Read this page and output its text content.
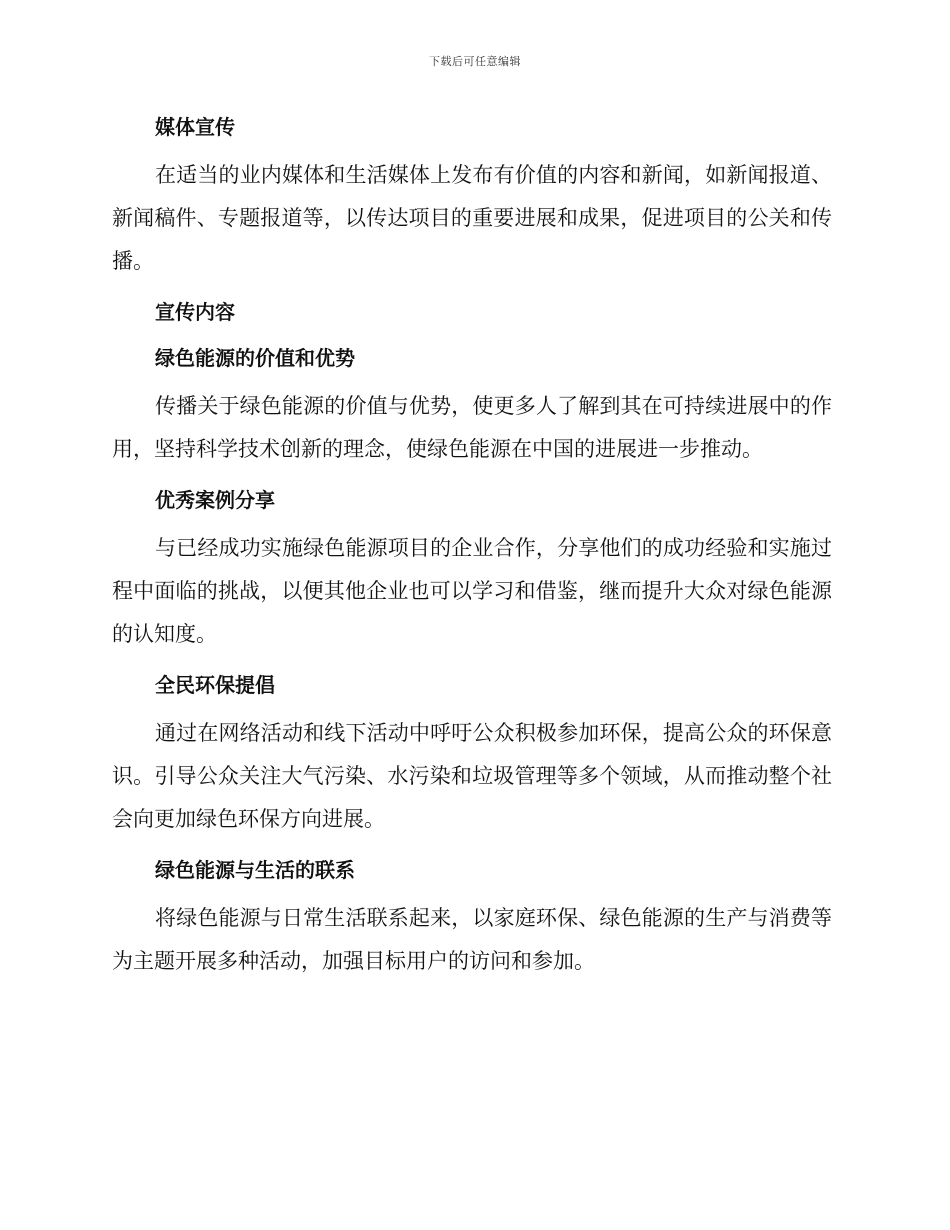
下载后可任意编辑
媒体宣传

在适当的业内媒体和生活媒体上发布有价值的内容和新闻，如新闻报道、新闻稿件、专题报道等，以传达项目的重要进展和成果，促进项目的公关和传播。

宣传内容
绿色能源的价值和优势

传播关于绿色能源的价值与优势，使更多人了解到其在可持续进展中的作用，坚持科学技术创新的理念，使绿色能源在中国的进展进一步推动。

优秀案例分享

与已经成功实施绿色能源项目的企业合作，分享他们的成功经验和实施过程中面临的挑战，以便其他企业也可以学习和借鉴，继而提升大众对绿色能源的认知度。

全民环保提倡

通过在网络活动和线下活动中呼吁公众积极参加环保，提高公众的环保意识。引导公众关注大气污染、水污染和垃圾管理等多个领域，从而推动整个社会向更加绿色环保方向进展。

绿色能源与生活的联系

将绿色能源与日常生活联系起来，以家庭环保、绿色能源的生产与消费等为主题开展多种活动，加强目标用户的访问和参加。
